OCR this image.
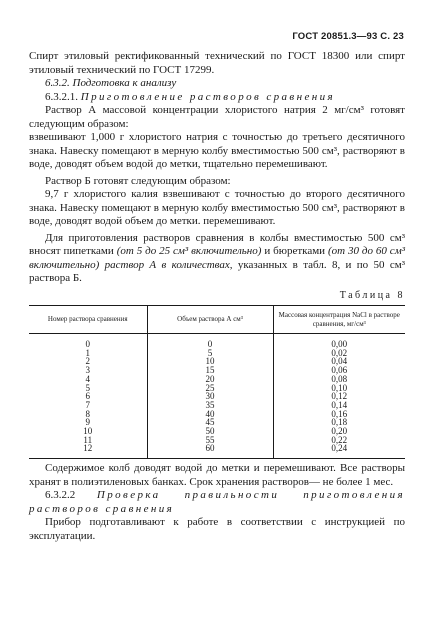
ГОСТ 20851.3—93 С. 23

Спирт этиловый ректификованный технический по ГОСТ 18300 или спирт этиловый технический по ГОСТ 17299.

6.3.2. Подготовка к анализу

6.3.2.1. Приготовление растворов сравнения

Раствор А массовой концентрации хлористого натрия 2 мг/см³ готовят следующим образом:

взвешивают 1,000 г хлористого натрия с точностью до третьего десятичного знака. Навеску помещают в мерную колбу вместимостью 500 см³, растворяют в воде, доводят объем водой до метки, тщательно перемешивают.

Раствор Б готовят следующим образом:

9,7 г хлористого калия взвешивают с точностью до второго десятичного знака. Навеску помещают в мерную колбу вместимостью 500 см³, растворяют в воде, доводят водой объем до метки. перемешивают.

Для приготовления растворов сравнения в колбы вместимостью 500 см³ вносят пипетками (от 5 до 25 см³ включительно) и бюретками (от 30 до 60 см³ включительно) раствор А в количествах, указанных в табл. 8, и по 50 см³ раствора Б.

Таблица 8
Номер раствора сравнения	Объем раствора А см³	Массовая концентрация NaCl в растворе сравнения, мг/см³
0	0	0,00
1	5	0,02
2	10	0,04
3	15	0,06
4	20	0,08
5	25	0,10
6	30	0,12
7	35	0,14
8	40	0,16
9	45	0,18
10	50	0,20
11	55	0,22
12	60	0,24

Содержимое колб доводят водой до метки и перемешивают. Все растворы хранят в полиэтиленовых банках. Срок хранения растворов— не более 1 мес.

6.3.2.2 Проверка правильности приготовления растворов сравнения

Прибор подготавливают к работе в соответствии с инструкцией по эксплуатации.
